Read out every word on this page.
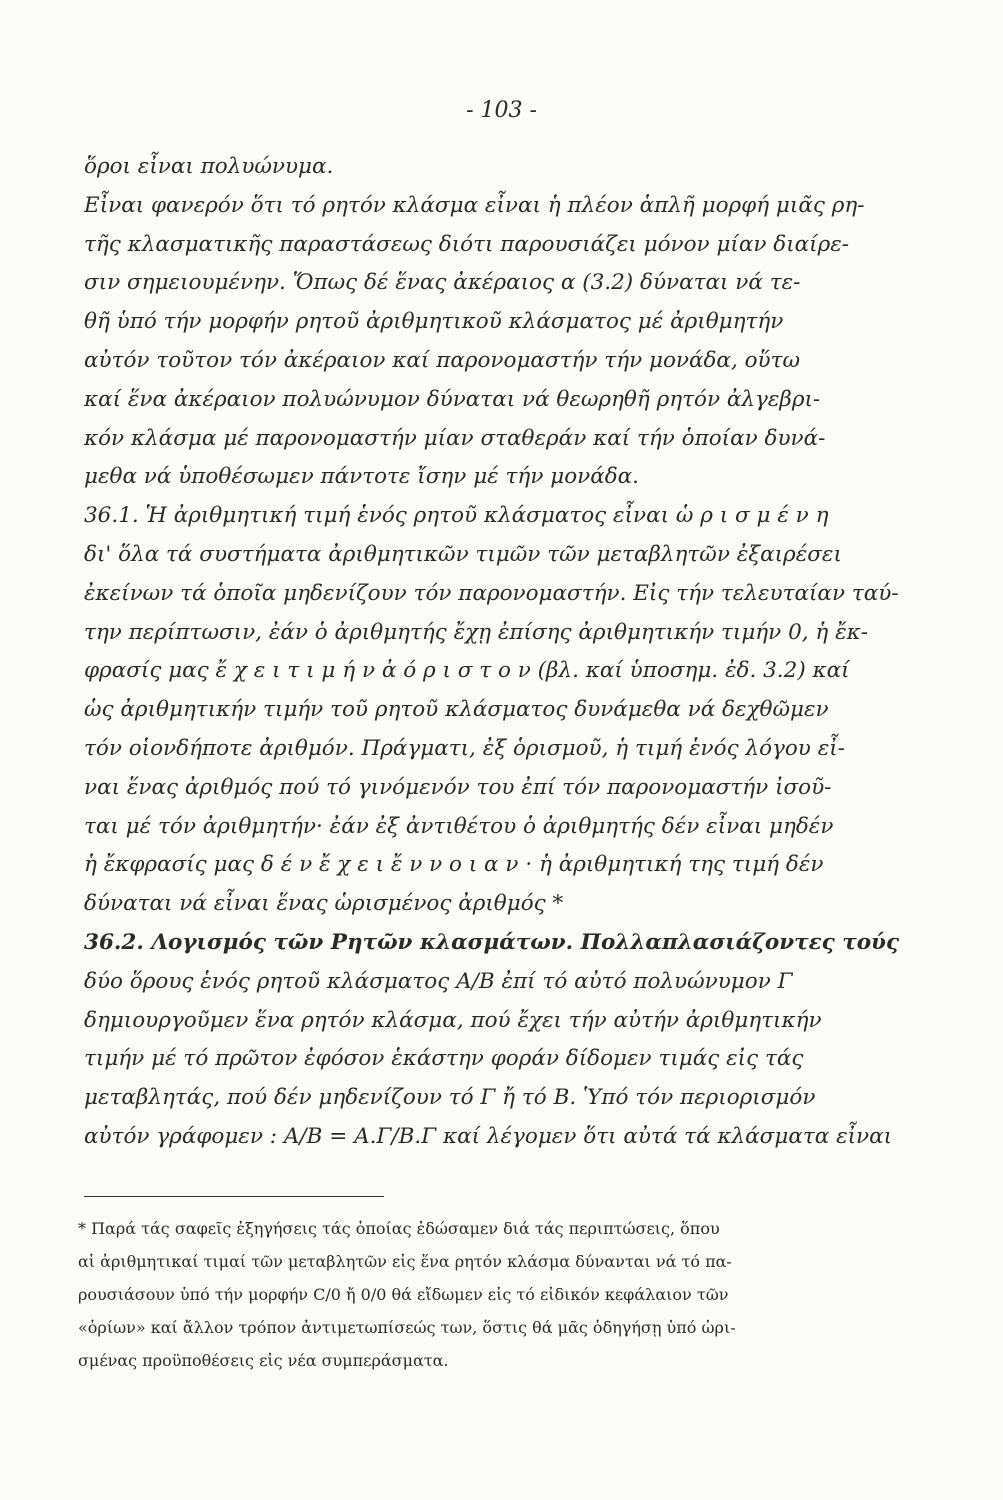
- 103 -
ὅροι εἶναι πολυώνυμα.
Εἶναι φανερόν ὅτι τό ρητόν κλάσμα εἶναι ἡ πλέον ἁπλῆ μορφή μιᾶς ρη-
τῆς κλασματικῆς παραστάσεως διότι παρουσιάζει μόνον μίαν διαίρε-
σιν σημειουμένην. Ὅπως δέ ἕνας ἀκέραιος α (3.2) δύναται νά τε-
θῆ ὑπό τήν μορφήν ρητοῦ ἀριθμητικοῦ κλάσματος μέ ἀριθμητήν
αὐτόν τοῦτον τόν ἀκέραιον καί παρονομαστήν τήν μονάδα, οὕτω
καί ἕνα ἀκέραιον πολυώνυμον δύναται νά θεωρηθῆ ρητόν ἀλγεβρι-
κόν κλάσμα μέ παρονομαστήν μίαν σταθεράν καί τήν ὁποίαν δυνά-
μεθα νά ὑποθέσωμεν πάντοτε ἴσην μέ τήν μονάδα.
36.1. Ἡ ἀριθμητική τιμή ἑνός ρητοῦ κλάσματος εἶναι ὡ ρ ι σ μ έ ν η
δι' ὅλα τά συστήματα ἀριθμητικῶν τιμῶν τῶν μεταβλητῶν ἐξαιρέσει
ἐκείνων τά ὁποῖα μηδενίζουν τόν παρονομαστήν. Εἰς τήν τελευταίαν ταύ-
την περίπτωσιν, ἐάν ὁ ἀριθμητής ἔχῃ ἐπίσης ἀριθμητικήν τιμήν 0, ἡ ἔκ-
φρασίς μας ἔ χ ε ι τ ι μ ή ν ἀ ό ρ ι σ τ ο ν (βλ. καί ὑποσημ. ἐδ. 3.2) καί
ὡς ἀριθμητικήν τιμήν τοῦ ρητοῦ κλάσματος δυνάμεθα νά δεχθῶμεν
τόν οἱονδήποτε ἀριθμόν. Πράγματι, ἐξ ὁρισμοῦ, ἡ τιμή ἑνός λόγου εἶ-
ναι ἕνας ἀριθμός πού τό γινόμενόν του ἐπί τόν παρονομαστήν ἰσοῦ-
ται μέ τόν ἀριθμητήν· ἐάν ἐξ ἀντιθέτου ὁ ἀριθμητής δέν εἶναι μηδέν
ἡ ἔκφρασίς μας δ έ ν ἔ χ ε ι ἔ ν ν ο ι α ν · ἡ ἀριθμητική της τιμή δέν
δύναται νά εἶναι ἕνας ὡρισμένος ἀριθμός *
36.2. Λογισμός τῶν Ρητῶν κλασμάτων. Πολλαπλασιάζοντες τούς
δύο ὅρους ἑνός ρητοῦ κλάσματος Α/Β ἐπί τό αὐτό πολυώνυμον Γ
δημιουργοῦμεν ἕνα ρητόν κλάσμα, πού ἔχει τήν αὐτήν ἀριθμητικήν
τιμήν μέ τό πρῶτον ἐφόσον ἑκάστην φοράν δίδομεν τιμάς εἰς τάς
μεταβλητάς, πού δέν μηδενίζουν τό Γ ἤ τό Β. Ὑπό τόν περιορισμόν
αὐτόν γράφομεν : Α/Β = Α.Γ/Β.Γ καί λέγομεν ὅτι αὐτά τά κλάσματα εἶναι
* Παρά τάς σαφεῖς ἐξηγήσεις τάς ὁποίας ἐδώσαμεν διά τάς περιπτώσεις, ὅπου
αἱ ἀριθμητικαί τιμαί τῶν μεταβλητῶν εἰς ἕνα ρητόν κλάσμα δύνανται νά τό πα-
ρουσιάσουν ὑπό τήν μορφήν C/0 ἤ 0/0 θά εἴδωμεν εἰς τό εἰδικόν κεφάλαιον τῶν
«ὁρίων» καί ἄλλον τρόπον ἀντιμετωπίσεώς των, ὅστις θά μᾶς ὁδηγήσῃ ὑπό ὡρι-
σμένας προϋποθέσεις εἰς νέα συμπεράσματα.
